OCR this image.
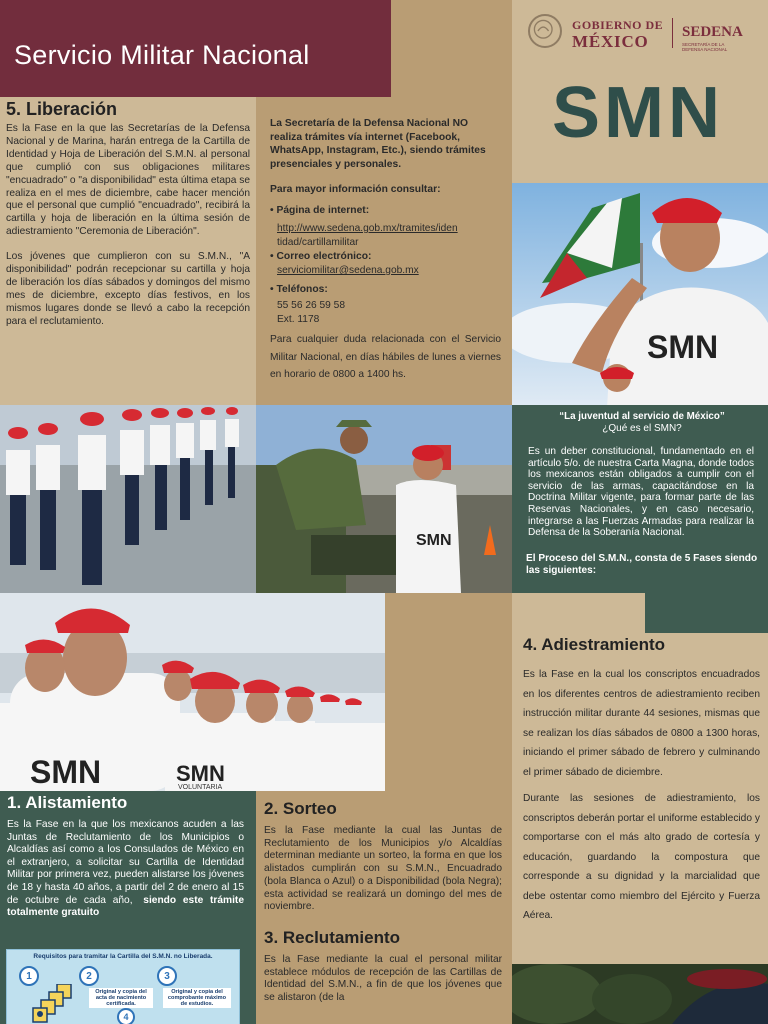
Servicio Militar Nacional
5. Liberación

Es la Fase en la que las Secretarías de la Defensa Nacional y de Marina, harán entrega de la Cartilla de Identidad y Hoja de Liberación del S.M.N. al personal que cumplió con sus obligaciones militares "encuadrado" o "a disponibilidad" esta última etapa se realiza en el mes de diciembre, cabe hacer mención que el personal que cumplió "encuadrado", recibirá la cartilla y hoja de liberación en la última sesión de adiestramiento "Ceremonia de Liberación".

Los jóvenes que cumplieron con su S.M.N., "A disponibilidad" podrán recepcionar su cartilla y hoja de liberación los días sábados y domingos del mismo mes de diciembre, excepto días festivos, en los mismos lugares donde se llevó a cabo la recepción para el reclutamiento.

La Secretaría de la Defensa Nacional NO realiza trámites vía internet (Facebook, WhatsApp, Instagram, Etc.), siendo trámites presenciales y personales.

Para mayor información consultar:

• Página de internet:

http://www.sedena.gob.mx/tramites/iden
tidad/cartillamilitar

• Correo electrónico:

serviciomilitar@sedena.gob.mx

• Teléfonos:

55 56 26 59 58
Ext. 1178

Para cualquier duda relacionada con el Servicio Militar Nacional, en días hábiles de lunes a viernes en horario de 0800 a 1400 hs.

GOBIERNO DE
MÉXICO	SEDENA
SECRETARÍA DE LA
DEFENSA NACIONAL
SMN
SMN
SMN
“La juventud al servicio de México”
¿Qué es el SMN?

Es un deber constitucional, fundamentado en el artículo 5/o. de nuestra Carta Magna, donde todos los mexicanos están obligados a cumplir con el servicio de las armas, capacitándose en la Doctrina Militar vigente, para formar parte de las Reservas Nacionales, y en caso necesario, integrarse a las Fuerzas Armadas para realizar la Defensa de la Soberanía Nacional.

El Proceso del S.M.N., consta de 5 Fases siendo las siguientes:

SMN	SMN
VOLUNTARIA
4. Adiestramiento

Es la Fase en la cual los conscriptos encuadrados en los diferentes centros de adiestramiento reciben instrucción militar durante 44 sesiones, mismas que se realizan los días sábados de 0800 a 1300 horas, iniciando el primer sábado de febrero y culminando el primer sábado de diciembre.

Durante las sesiones de adiestramiento, los conscriptos deberán portar el uniforme establecido y comportarse con el más alto grado de cortesía y educación, guardando la compostura que corresponde a su dignidad y la marcialidad que debe ostentar como miembro del Ejército y Fuerza Aérea.

1. Alistamiento

Es la Fase en la que los mexicanos acuden a las Juntas de Reclutamiento de los Municipios o Alcaldías así como a los Consulados de México en el extranjero, a solicitar su Cartilla de Identidad Militar por primera vez, pueden alistarse los jóvenes de 18 y hasta 40 años, a partir del 2 de enero al 15 de octubre de cada año, siendo este trámite totalmente gratuito

Requisitos para tramitar la Cartilla del S.M.N. no Liberada.
1	2	3
4
Original y copia del acta de nacimiento certificada.
Original y copia del comprobante máximo de estudios.
2. Sorteo

Es la Fase mediante la cual las Juntas de Reclutamiento de los Municipios y/o Alcaldías determinan mediante un sorteo, la forma en que los alistados cumplirán con su S.M.N., Encuadrado (bola Blanca o Azul) o a Disponibilidad (bola Negra); esta actividad se realizará un domingo del mes de noviembre.

3. Reclutamiento

Es la Fase mediante la cual el personal militar establece módulos de recepción de las Cartillas de Identidad del S.M.N., a fin de que los jóvenes que se alistaron (de la
